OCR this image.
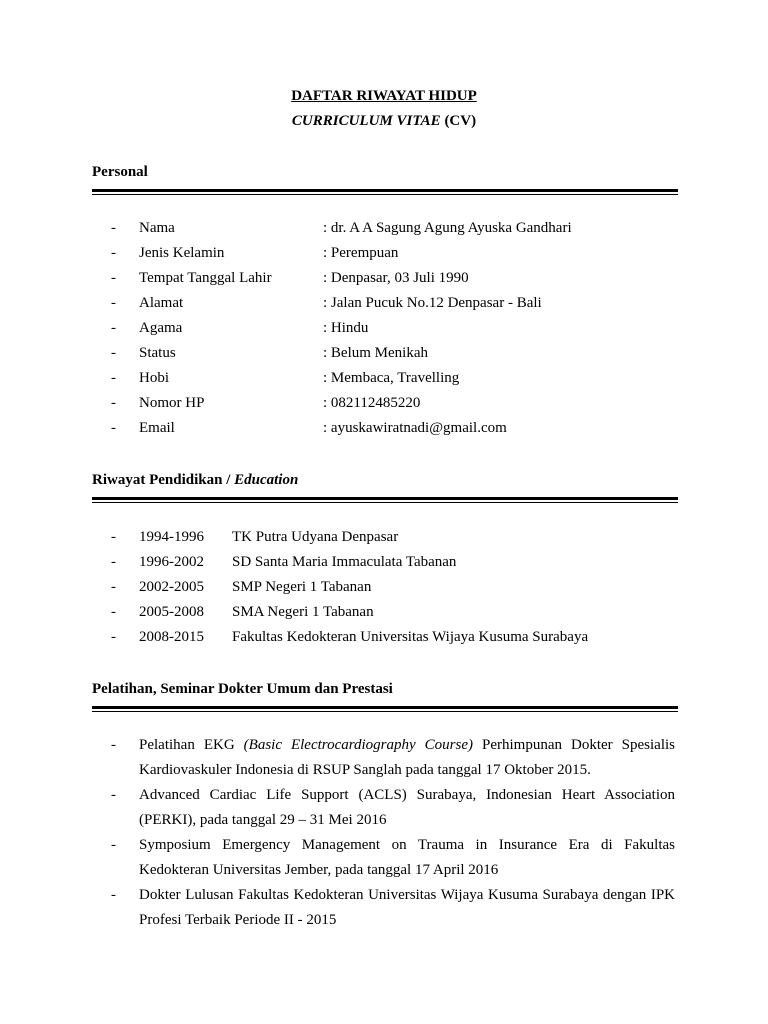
DAFTAR RIWAYAT HIDUP
CURRICULUM VITAE (CV)
Personal
- Nama	: dr. A A Sagung Agung Ayuska Gandhari
- Jenis Kelamin	: Perempuan
- Tempat Tanggal Lahir	: Denpasar, 03 Juli 1990
- Alamat	: Jalan Pucuk No.12 Denpasar - Bali
- Agama	: Hindu
- Status	: Belum Menikah
- Hobi	: Membaca, Travelling
- Nomor HP	: 082112485220
- Email	: ayuskawiratnadi@gmail.com
Riwayat Pendidikan / Education
- 1994-1996 TK Putra Udyana Denpasar
- 1996-2002 SD Santa Maria Immaculata Tabanan
- 2002-2005 SMP Negeri 1 Tabanan
- 2005-2008 SMA Negeri 1 Tabanan
- 2008-2015 Fakultas Kedokteran Universitas Wijaya Kusuma Surabaya
Pelatihan, Seminar Dokter Umum dan Prestasi
- Pelatihan EKG (Basic Electrocardiography Course) Perhimpunan Dokter Spesialis Kardiovaskuler Indonesia di RSUP Sanglah pada tanggal 17 Oktober 2015.
- Advanced Cardiac Life Support (ACLS) Surabaya, Indonesian Heart Association (PERKI), pada tanggal 29 – 31 Mei 2016
- Symposium Emergency Management on Trauma in Insurance Era di Fakultas Kedokteran Universitas Jember, pada tanggal 17 April 2016
- Dokter Lulusan Fakultas Kedokteran Universitas Wijaya Kusuma Surabaya dengan IPK Profesi Terbaik Periode II - 2015
